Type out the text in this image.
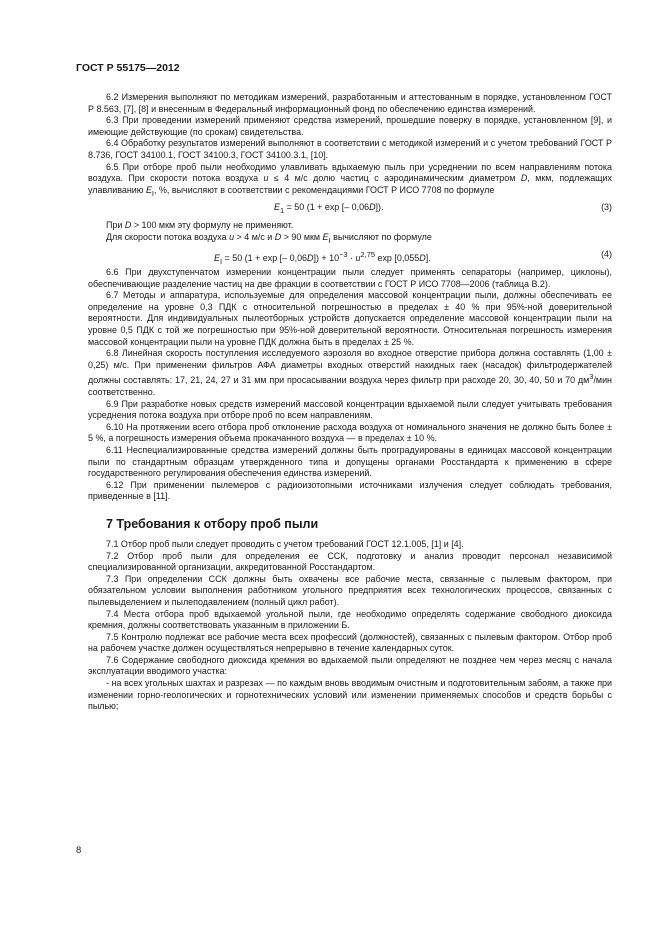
ГОСТ Р 55175—2012

6.2 Измерения выполняют по методикам измерений, разработанным и аттестованным в порядке, установленном ГОСТ Р 8.563, [7], [8] и внесенным в Федеральный информационный фонд по обеспечению единства измерений.

6.3 При проведении измерений применяют средства измерений, прошедшие поверку в порядке, установленном [9], и имеющие действующие (по срокам) свидетельства.

6.4 Обработку результатов измерений выполняют в соответствии с методикой измерений и с учетом требований ГОСТ Р 8.736, ГОСТ 34100.1, ГОСТ 34100.3, ГОСТ 34100.3.1, [10].

6.5 При отборе проб пыли необходимо улавливать вдыхаемую пыль при усреднении по всем направлениям потока воздуха. При скорости потока воздуха u ≤ 4 м/с долю частиц с аэродинамическим диаметром D, мкм, подлежащих улавливанию $E_I$, %, вычисляют в соответствии с рекомендациями ГОСТ Р ИСО 7708 по формуле

$E_1 = 50$ (1 + exp [– 0,06D]).	(3)

При D > 100 мкм эту формулу не применяют.

Для скорости потока воздуха u > 4 м/с и D > 90 мкм $E_I$ вычисляют по формуле

$E_I = 50$ (1 + exp [– $0,06D]) + 10^{-3} \cdot u^{2,75}$ exp [0,055D].	(4)

6.6 При двухступенчатом измерении концентрации пыли следует применять сепараторы (например, циклоны), обеспечивающие разделение частиц на две фракции в соответствии с ГОСТ Р ИСО 7708—2006 (таблица В.2).

6.7 Методы и аппаратура, используемые для определения массовой концентрации пыли, должны обеспечивать ее определение на уровне 0,3 ПДК с относительной погрешностью в пределах ± 40 % при 95%-ной доверительной вероятности. Для индивидуальных пылеотборных устройств допускается определение массовой концентрации пыли на уровне 0,5 ПДК с той же погрешностью при 95%-ной доверительной вероятности. Относительная погрешность измерения массовой концентрации пыли на уровне ПДК должна быть в пределах ± 25 %.

6.8 Линейная скорость поступления исследуемого аэрозоля во входное отверстие прибора должна составлять (1,00 ± 0,25) м/с. При применении фильтров АФА диаметры входных отверстий накидных гаек (насадок) фильтродержателей должны составлять: 17, 21, 24, 27 и 31 мм при просасывании воздуха через фильтр при расходе 20, 30, 40, 50 и 70 $дм^3$/мин соответственно.

6.9 При разработке новых средств измерений массовой концентрации вдыхаемой пыли следует учитывать требования усреднения потока воздуха при отборе проб по всем направлениям.

6.10 На протяжении всего отбора проб отклонение расхода воздуха от номинального значения не должно быть более ± 5 %, а погрешность измерения объема прокачанного воздуха — в пределах ± 10 %.

6.11 Неспециализированные средства измерений должны быть проградуированы в единицах массовой концентрации пыли по стандартным образцам утвержденного типа и допущены органами Росстандарта к применению в сфере государственного регулирования обеспечения единства измерений.

6.12 При применении пылемеров с радиоизотопными источниками излучения следует соблюдать требования, приведенные в [11].

7 Требования к отбору проб пыли

7.1 Отбор проб пыли следует проводить с учетом требований ГОСТ 12.1.005, [1] и [4].

7.2 Отбор проб пыли для определения ее ССК, подготовку и анализ проводит персонал независимой специализированной организации, аккредитованной Росстандартом.

7.3 При определении ССК должны быть охвачены все рабочие места, связанные с пылевым фактором, при обязательном условии выполнения работником угольного предприятия всех технологических процессов, связанных с пылевыделением и пылеподавлением (полный цикл работ).

7.4 Места отбора проб вдыхаемой угольной пыли, где необходимо определять содержание свободного диоксида кремния, должны соответствовать указанным в приложении Б.

7.5 Контролю подлежат все рабочие места всех профессий (должностей), связанных с пылевым фактором. Отбор проб на рабочем участке должен осуществляться непрерывно в течение календарных суток.

7.6 Содержание свободного диоксида кремния во вдыхаемой пыли определяют не позднее чем через месяц с начала эксплуатации вводимого участка:

- на всех угольных шахтах и разрезах — по каждым вновь вводимым очистным и подготовительным забоям, а также при изменении горно-геологических и горнотехнических условий или изменении применяемых способов и средств борьбы с пылью;

8
